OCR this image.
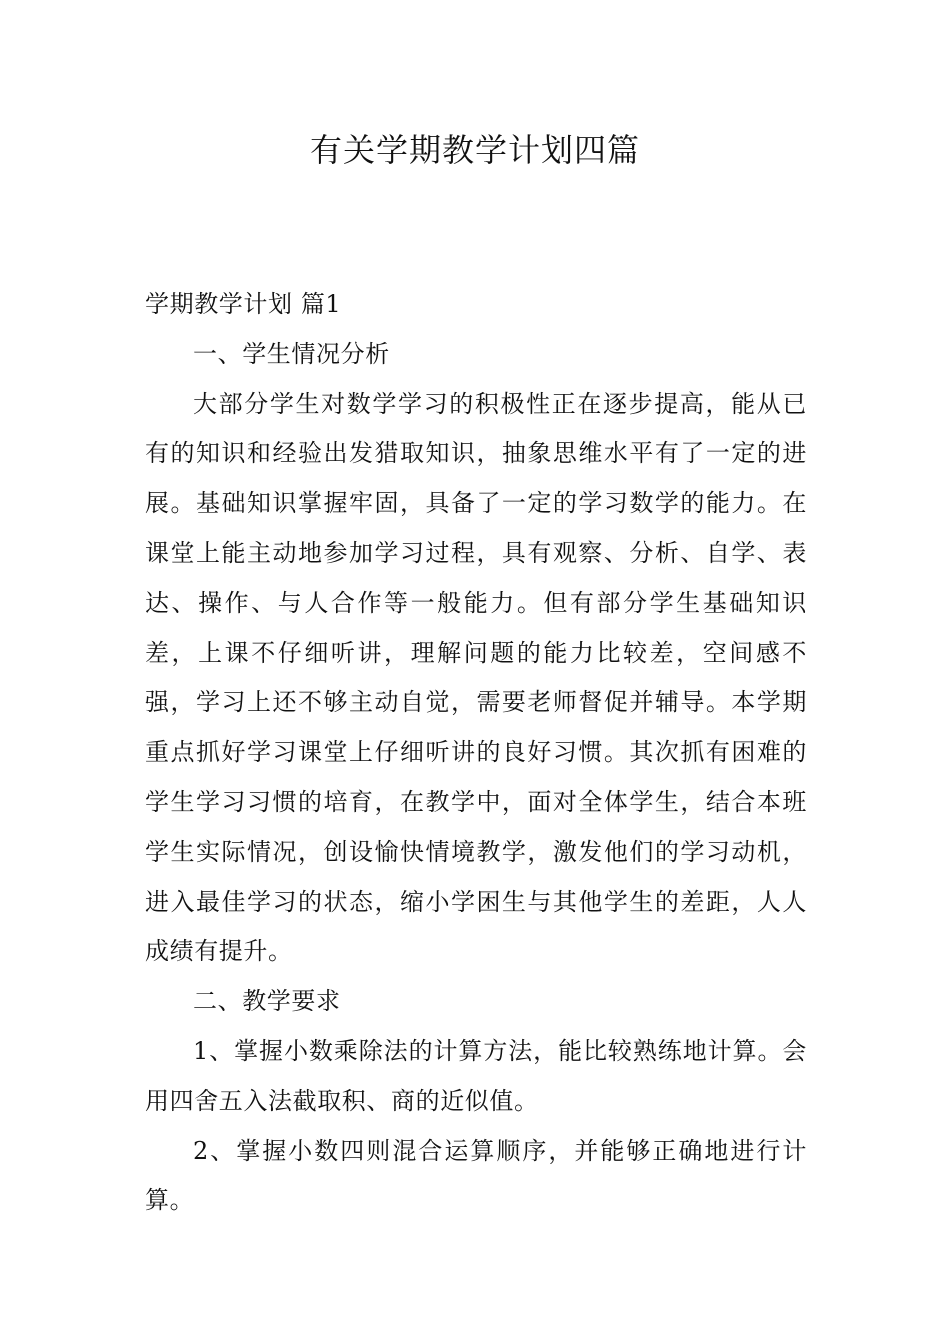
有关学期教学计划四篇

学期教学计划 篇1

一、学生情况分析

大部分学生对数学学习的积极性正在逐步提高，能从已有的知识和经验出发猎取知识，抽象思维水平有了一定的进展。基础知识掌握牢固，具备了一定的学习数学的能力。在课堂上能主动地参加学习过程，具有观察、分析、自学、表达、操作、与人合作等一般能力。但有部分学生基础知识差，上课不仔细听讲，理解问题的能力比较差，空间感不强，学习上还不够主动自觉，需要老师督促并辅导。本学期重点抓好学习课堂上仔细听讲的良好习惯。其次抓有困难的学生学习习惯的培育，在教学中，面对全体学生，结合本班学生实际情况，创设愉快情境教学，激发他们的学习动机，进入最佳学习的状态，缩小学困生与其他学生的差距，人人成绩有提升。

二、教学要求

1、掌握小数乘除法的计算方法，能比较熟练地计算。会用四舍五入法截取积、商的近似值。

2、掌握小数四则混合运算顺序，并能够正确地进行计算。
